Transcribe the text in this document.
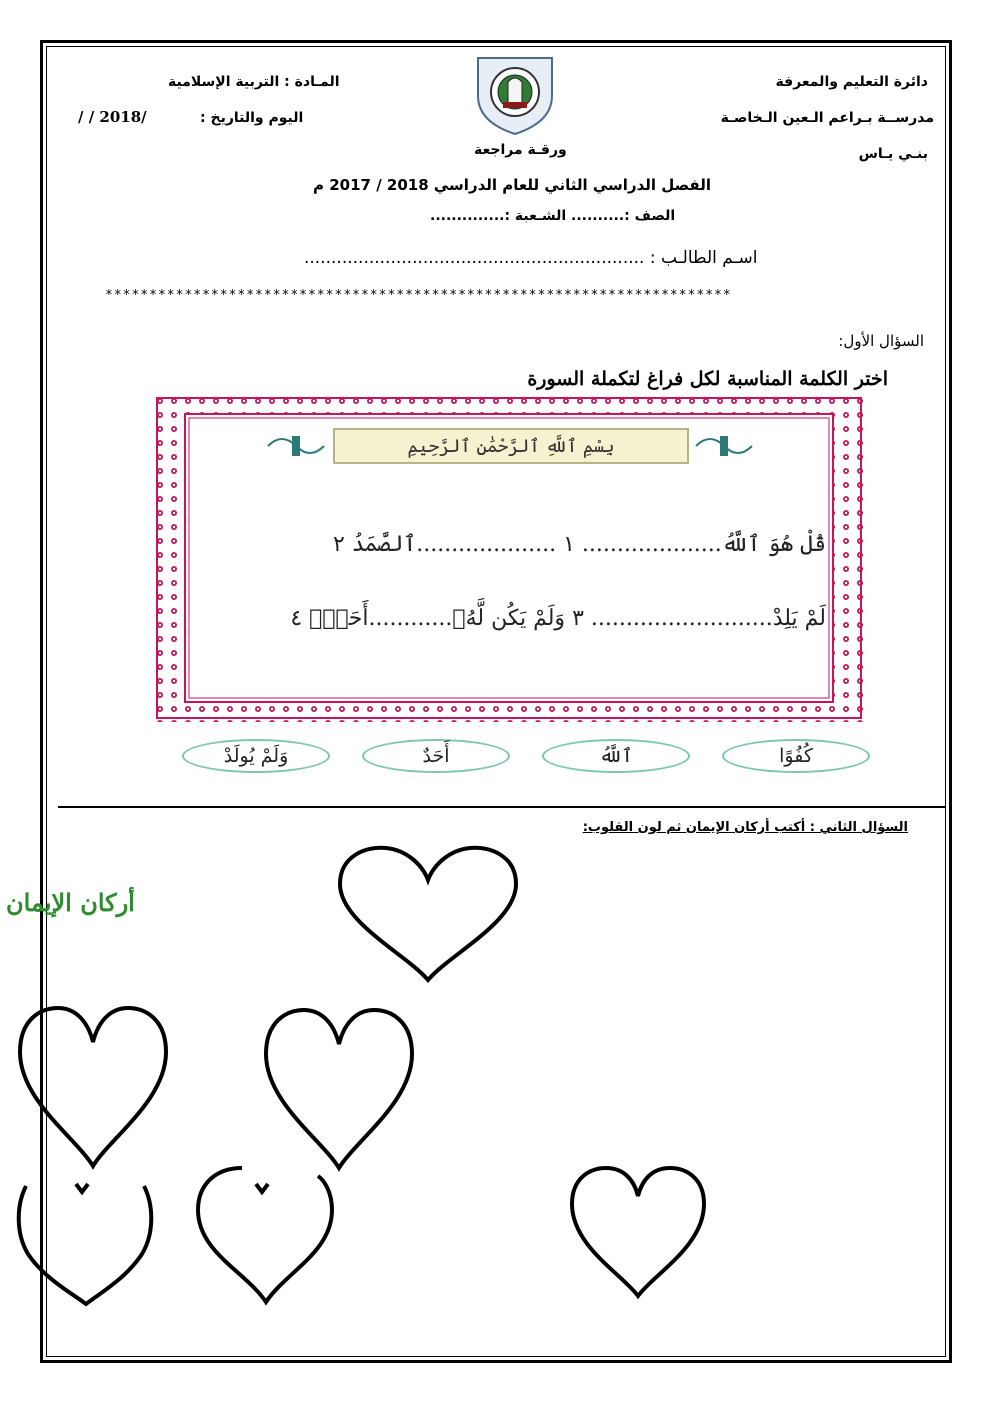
دائرة التعليم والمعرفة
مدرســة بـراعم الـعين الـخاصـة
بنـي يـاس
المـادة : التربية الإسلامية
اليوم والتاريخ :
/ / 2018/
ورقـة مراجعة
الفصل الدراسي الثاني للعام الدراسي 2018 / 2017 م
الصف :.......... الشـعبة :..............
اسـم الطالـب : ...............................................................
***********************************************************************
السؤال الأول:
اختر الكلمة المناسبة لكل فراغ لتكملة السورة
بِسْمِ ٱللَّهِ ٱلرَّحْمَٰنِ ٱلرَّحِيمِ
قُلْ هُوَ ٱللَّهُ.................... ١ ....................ٱلصَّمَدُ ٢
لَمْ يَلِدْ.......................... ٣ وَلَمْ يَكُن لَّهُۥ............أَحَدٌۢ ٤
كُفُوًا
ٱللَّهُ
أَحَدٌ
وَلَمْ يُولَدْ
السؤال الثاني : أكتب أركان الإيمان ثم لون القلوب:
أركان الإيمان
